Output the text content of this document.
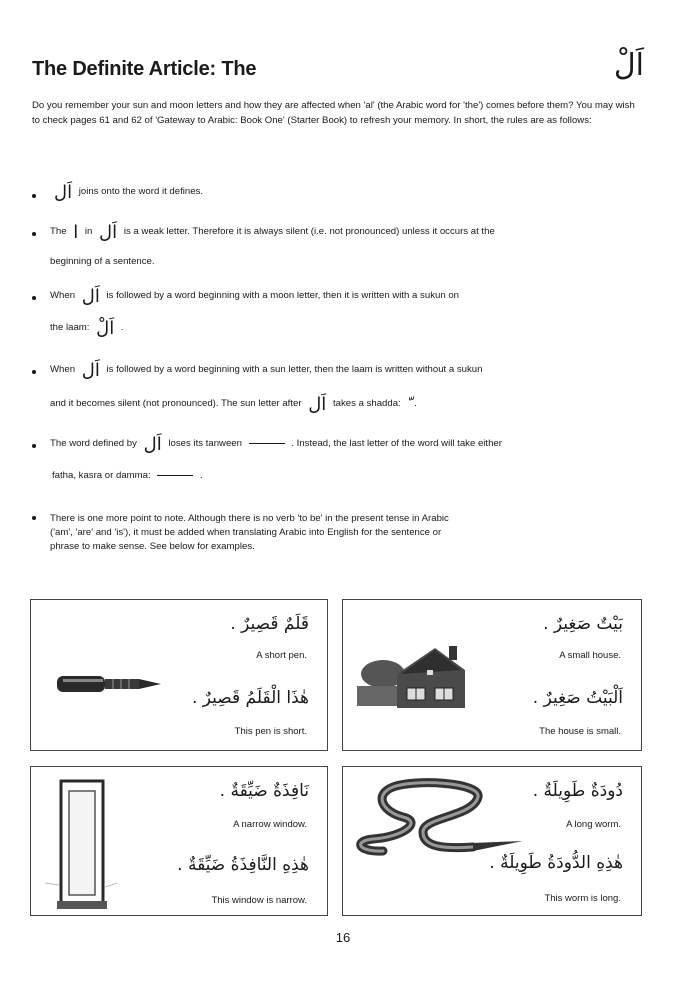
The Definite Article: The	اَلْ
Do you remember your sun and moon letters and how they are affected when 'al' (the Arabic word for 'the') comes before them? You may wish to check pages 61 and 62 of 'Gateway to Arabic: Book One' (Starter Book) to refresh your memory. In short, the rules are as follows:
اَل joins onto the word it defines.
The ا in اَل is a weak letter. Therefore it is always silent (i.e. not pronounced) unless it occurs at the
beginning of a sentence.
When اَل is followed by a word beginning with a moon letter, then it is written with a sukun on
the laam: اَلْ .
When اَل is followed by a word beginning with a sun letter, then the laam is written without a sukun
and it becomes silent (not pronounced). The sun letter after اَل takes a shadda: .
The word defined by اَل loses its tanween	. Instead, the last letter of the word will take either
fatha, kasra or damma:	.
There is one more point to note. Although there is no verb 'to be' in the present tense in Arabic
('am', 'are' and 'is'), it must be added when translating Arabic into English for the sentence or
phrase to make sense. See below for examples.
قَلَمٌ قَصِيرٌ .
A short pen.
هٰذَا الْقَلَمُ قَصِيرٌ .
This pen is short.
بَيْتٌ صَغِيرٌ .
A small house.
اَلْبَيْتُ صَغِيرٌ .
The house is small.
نَافِذَةٌ ضَيِّقَةٌ .
A narrow window.
هٰذِهِ النَّافِذَةُ ضَيِّقَةٌ .
This window is narrow.
دُودَةٌ طَوِيلَةٌ .
A long worm.
هٰذِهِ الدُّودَةُ طَوِيلَةٌ .
This worm is long.
16
